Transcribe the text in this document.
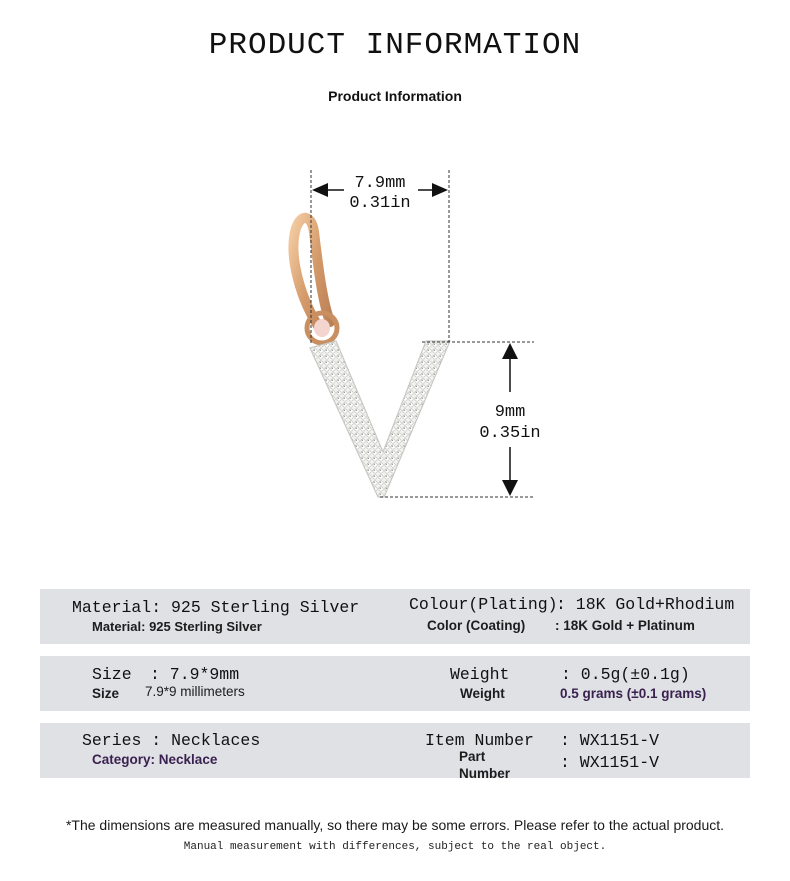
PRODUCT INFORMATION
Product Information
7.9mm
0.31in
9mm
0.35in
Material: 925 Sterling Silver
Material: 925 Sterling Silver
Colour(Plating)
: 18K Gold+Rhodium
Color (Coating) : 18K Gold + Platinum
Size : 7.9*9mm
Size 7.9*9 millimeters
Weight	: 0.5g(±0.1g)
Weight	0.5 grams (±0.1 grams)
Series : Necklaces
Category: Necklace
Item Number : WX1151-V
Part
Number
: WX1151-V
*The dimensions are measured manually, so there may be some errors. Please refer to the actual product.
Manual measurement with differences, subject to the real object.
